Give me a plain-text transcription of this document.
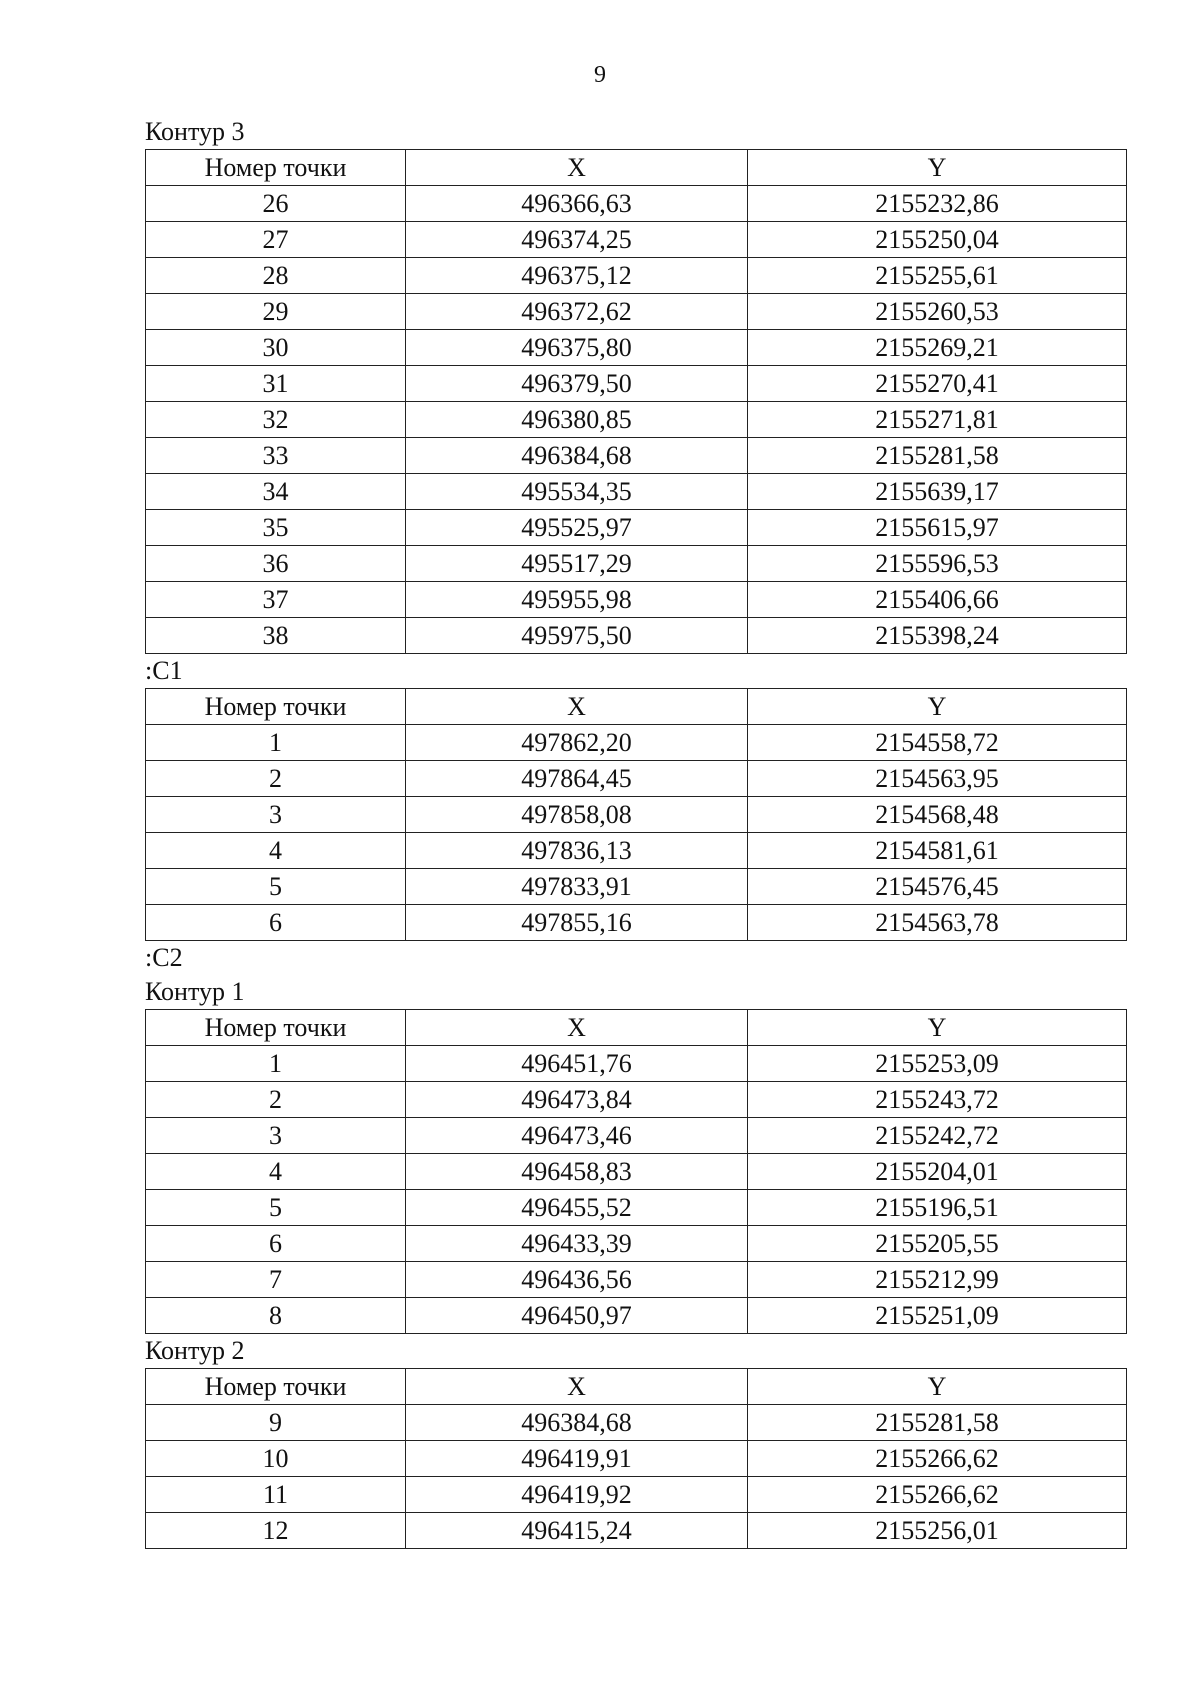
9
Контур 3
Номер точки	X	Y
26	496366,63	2155232,86
27	496374,25	2155250,04
28	496375,12	2155255,61
29	496372,62	2155260,53
30	496375,80	2155269,21
31	496379,50	2155270,41
32	496380,85	2155271,81
33	496384,68	2155281,58
34	495534,35	2155639,17
35	495525,97	2155615,97
36	495517,29	2155596,53
37	495955,98	2155406,66
38	495975,50	2155398,24
:С1
Номер точки	X	Y
1	497862,20	2154558,72
2	497864,45	2154563,95
3	497858,08	2154568,48
4	497836,13	2154581,61
5	497833,91	2154576,45
6	497855,16	2154563,78
:С2
Контур 1
Номер точки	X	Y
1	496451,76	2155253,09
2	496473,84	2155243,72
3	496473,46	2155242,72
4	496458,83	2155204,01
5	496455,52	2155196,51
6	496433,39	2155205,55
7	496436,56	2155212,99
8	496450,97	2155251,09
Контур 2
Номер точки	X	Y
9	496384,68	2155281,58
10	496419,91	2155266,62
11	496419,92	2155266,62
12	496415,24	2155256,01
